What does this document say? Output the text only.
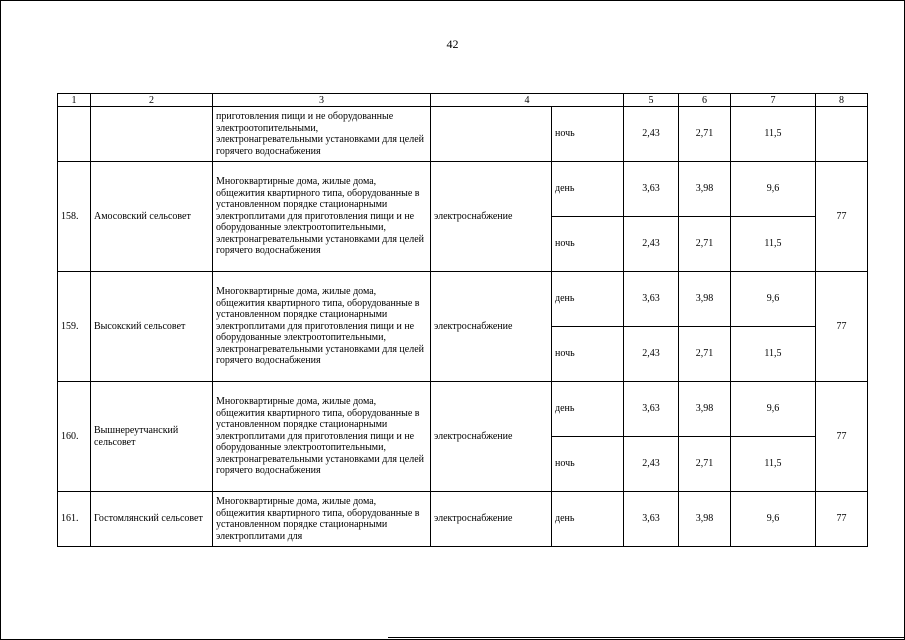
42
1	2	3	4		5	6	7	8
		приготовления пищи и не оборудованные электроотопительными, электронагревательными установками для целей горячего водоснабжения		ночь	2,43	2,71	11,5	
158.	Амосовский сельсовет	Многоквартирные дома, жилые дома, общежития квартирного типа, оборудованные в установленном порядке стационарными электроплитами для приготовления пищи и не оборудованные электроотопительными, электронагревательными установками для целей горячего водоснабжения	электроснабжение	день	3,63	3,98	9,6	77
				ночь	2,43	2,71	11,5	
159.	Высокский сельсовет	Многоквартирные дома, жилые дома, общежития квартирного типа, оборудованные в установленном порядке стационарными электроплитами для приготовления пищи и не оборудованные электроотопительными, электронагревательными установками для целей горячего водоснабжения	электроснабжение	день	3,63	3,98	9,6	77
				ночь	2,43	2,71	11,5	
160.	Вышнереутчанский сельсовет	Многоквартирные дома, жилые дома, общежития квартирного типа, оборудованные в установленном порядке стационарными электроплитами для приготовления пищи и не оборудованные электроотопительными, электронагревательными установками для целей горячего водоснабжения	электроснабжение	день	3,63	3,98	9,6	77
				ночь	2,43	2,71	11,5	
161.	Гостомлянский сельсовет	Многоквартирные дома, жилые дома, общежития квартирного типа, оборудованные в установленном порядке стационарными электроплитами для	электроснабжение	день	3,63	3,98	9,6	77
